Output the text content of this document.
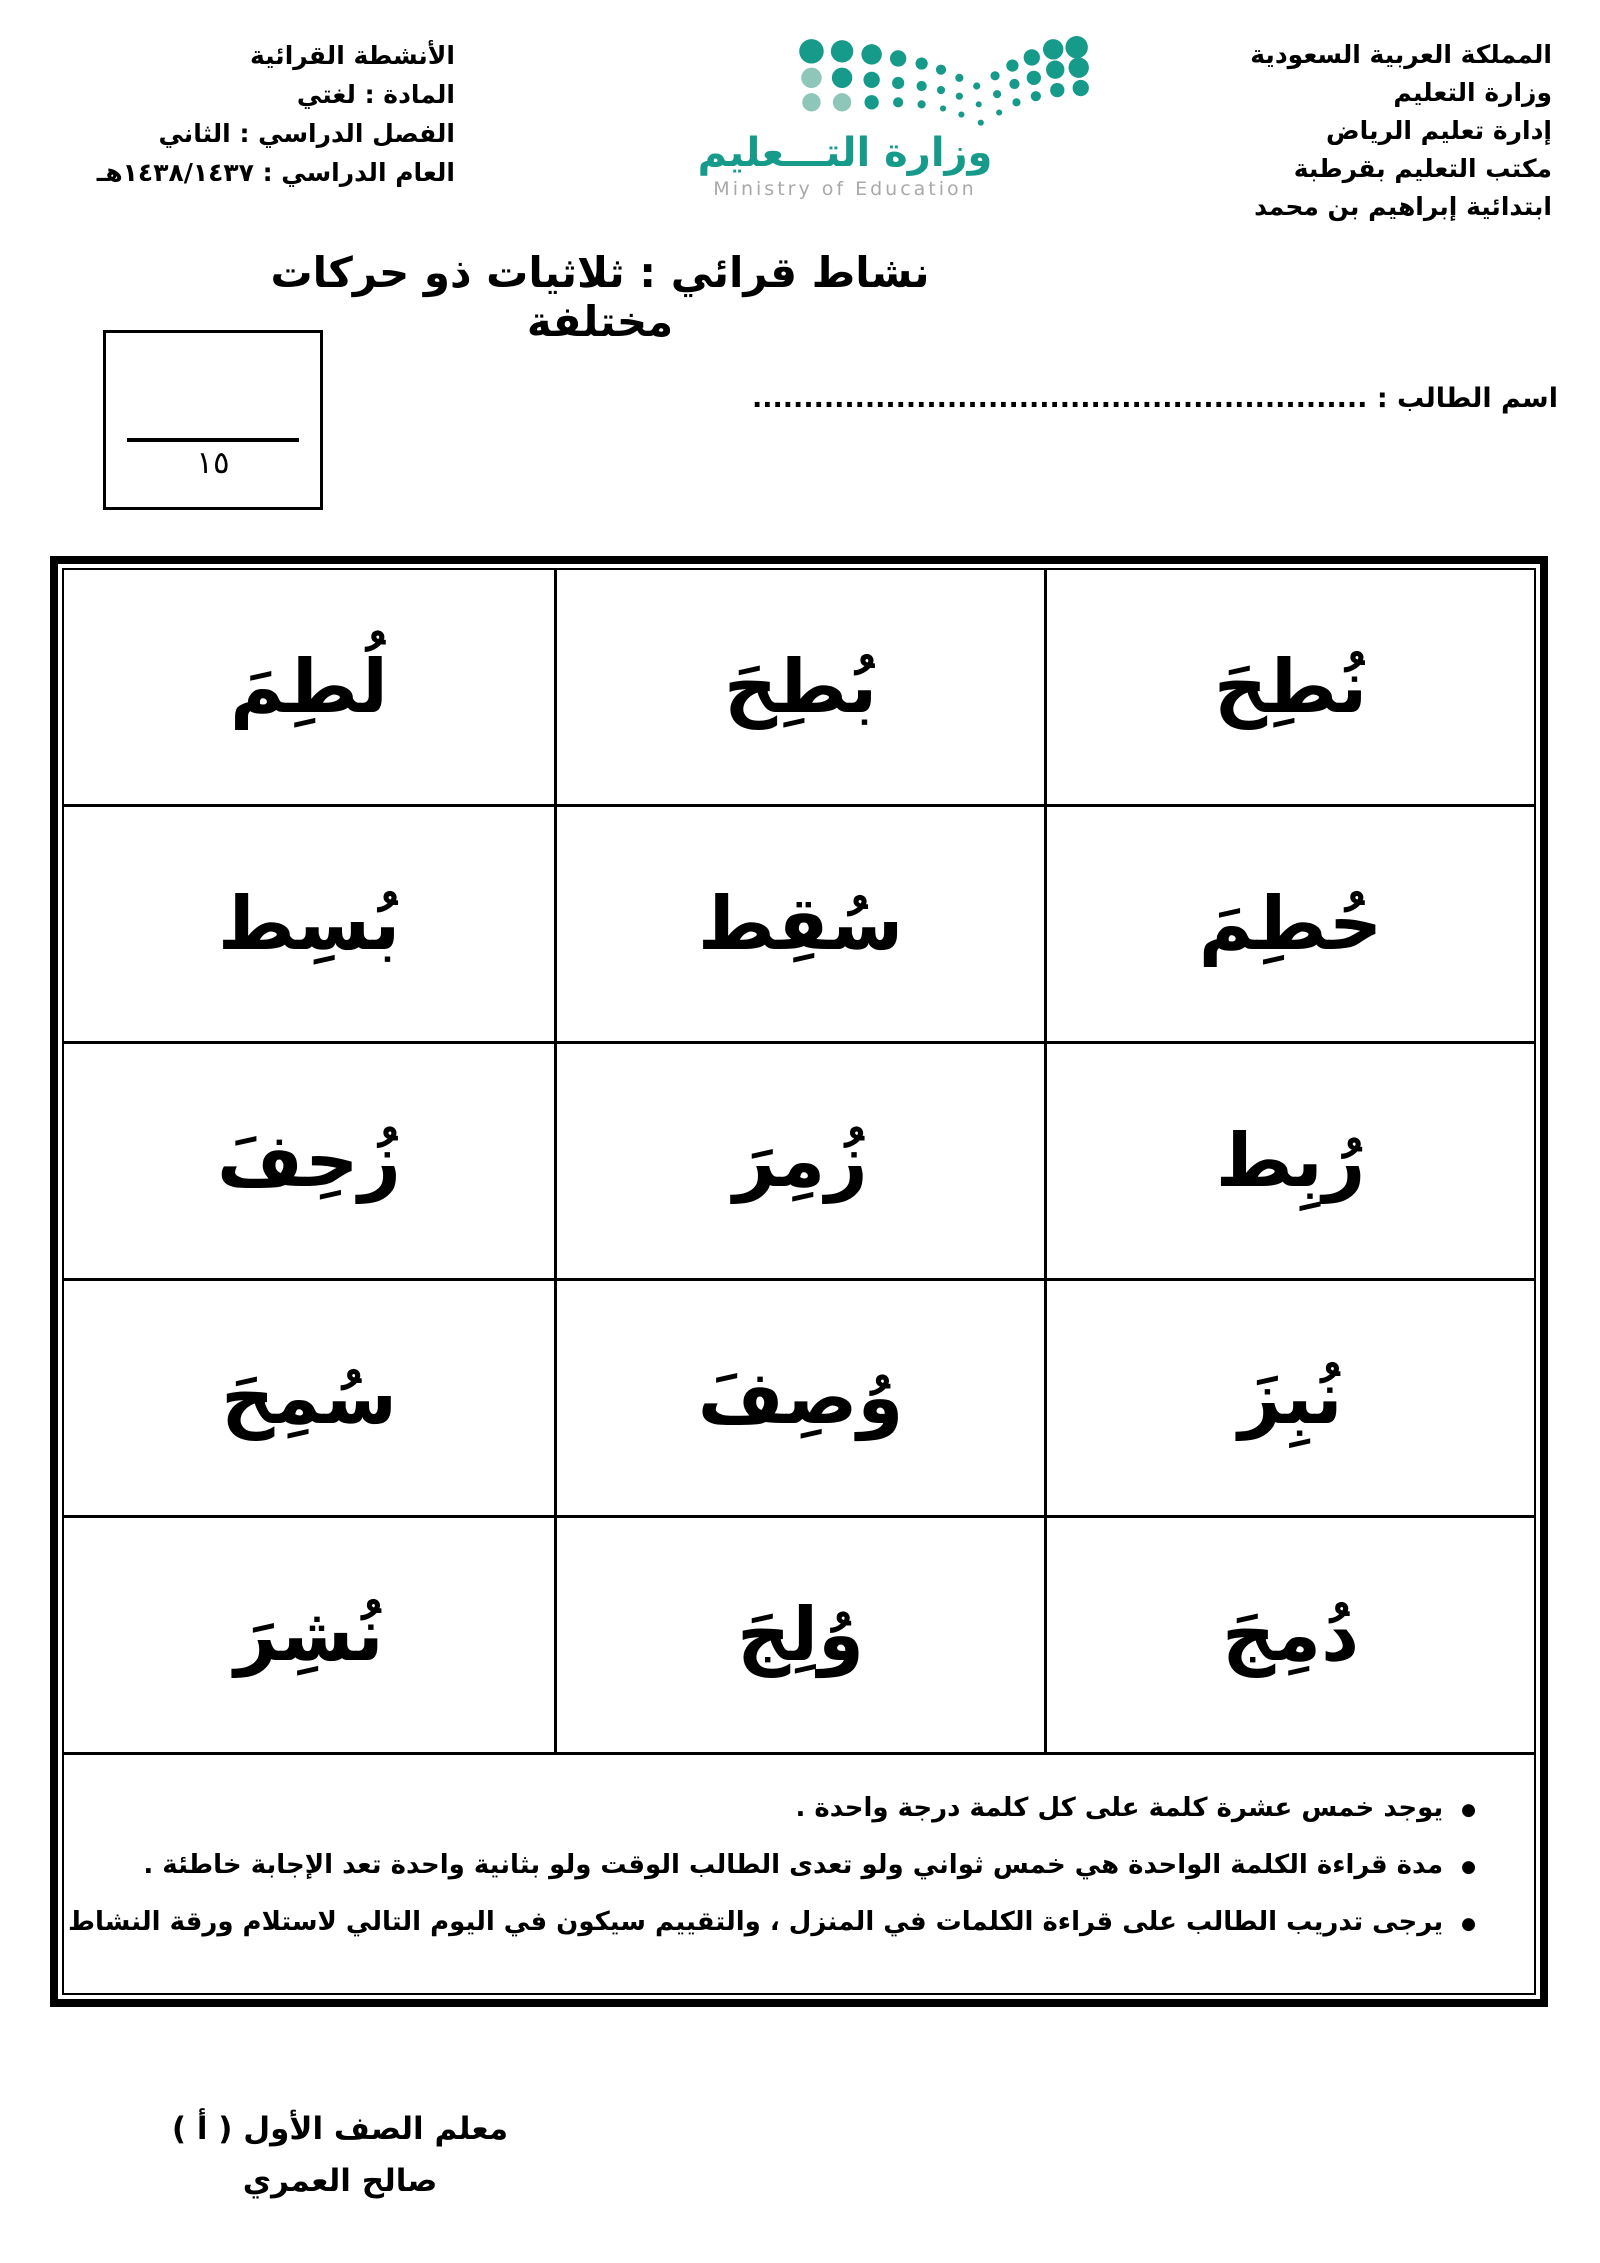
الأنشطة القرائية
المادة : لغتي
الفصل الدراسي : الثاني
العام الدراسي : ١٤٣٨/١٤٣٧هـ	وزارة التـــعليم
Ministry of Education
المملكة العربية السعودية
وزارة التعليم
إدارة تعليم الرياض
مكتب التعليم بقرطبة
ابتدائية إبراهيم بن محمد
نشاط قرائي : ثلاثيات ذو حركات مختلفة
اسم الطالب : ............................................................
١٥
نُطِحَ
بُطِحَ
لُطِمَ
حُطِمَ
سُقِط
بُسِط
رُبِط
زُمِرَ
زُحِفَ
نُبِزَ
وُصِفَ
سُمِحَ
دُمِجَ
وُلِجَ
نُشِرَ
●
يوجد خمس عشرة كلمة على كل كلمة درجة واحدة .
●
مدة قراءة الكلمة الواحدة هي خمس ثواني ولو تعدى الطالب الوقت ولو بثانية واحدة تعد الإجابة خاطئة .
●
يرجى تدريب الطالب على قراءة الكلمات في المنزل ، والتقييم سيكون في اليوم التالي لاستلام ورقة النشاط .
معلم الصف الأول ( أ )
صالح العمري
